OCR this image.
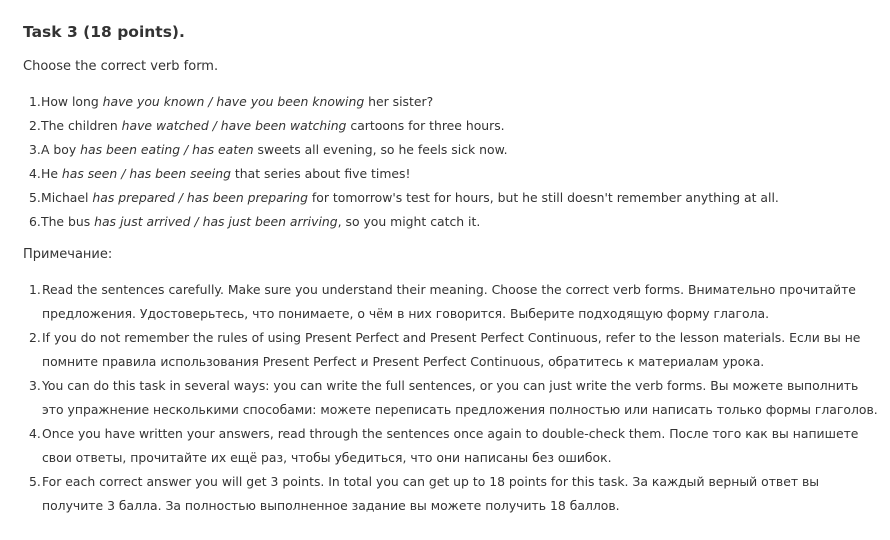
Task 3 (18 points).

Choose the correct verb form.

1. How long have you known / have you been knowing her sister?
2. The children have watched / have been watching cartoons for three hours.
3. A boy has been eating / has eaten sweets all evening, so he feels sick now.
4. He has seen / has been seeing that series about five times!
5. Michael has prepared / has been preparing for tomorrow's test for hours, but he still doesn't remember anything at all.
6. The bus has just arrived / has just been arriving, so you might catch it.

Примечание:

1. Read the sentences carefully. Make sure you understand their meaning. Choose the correct verb forms. Внимательно прочитайте предложения. Удостоверьтесь, что понимаете, о чём в них говорится. Выберите подходящую форму глагола.
2. If you do not remember the rules of using Present Perfect and Present Perfect Continuous, refer to the lesson materials. Если вы не помните правила использования Present Perfect и Present Perfect Continuous, обратитесь к материалам урока.
3. You can do this task in several ways: you can write the full sentences, or you can just write the verb forms. Вы можете выполнить это упражнение несколькими способами: можете переписать предложения полностью или написать только формы глаголов.
4. Once you have written your answers, read through the sentences once again to double-check them. После того как вы напишете свои ответы, прочитайте их ещё раз, чтобы убедиться, что они написаны без ошибок.
5. For each correct answer you will get 3 points. In total you can get up to 18 points for this task. За каждый верный ответ вы получите 3 балла. За полностью выполненное задание вы можете получить 18 баллов.
